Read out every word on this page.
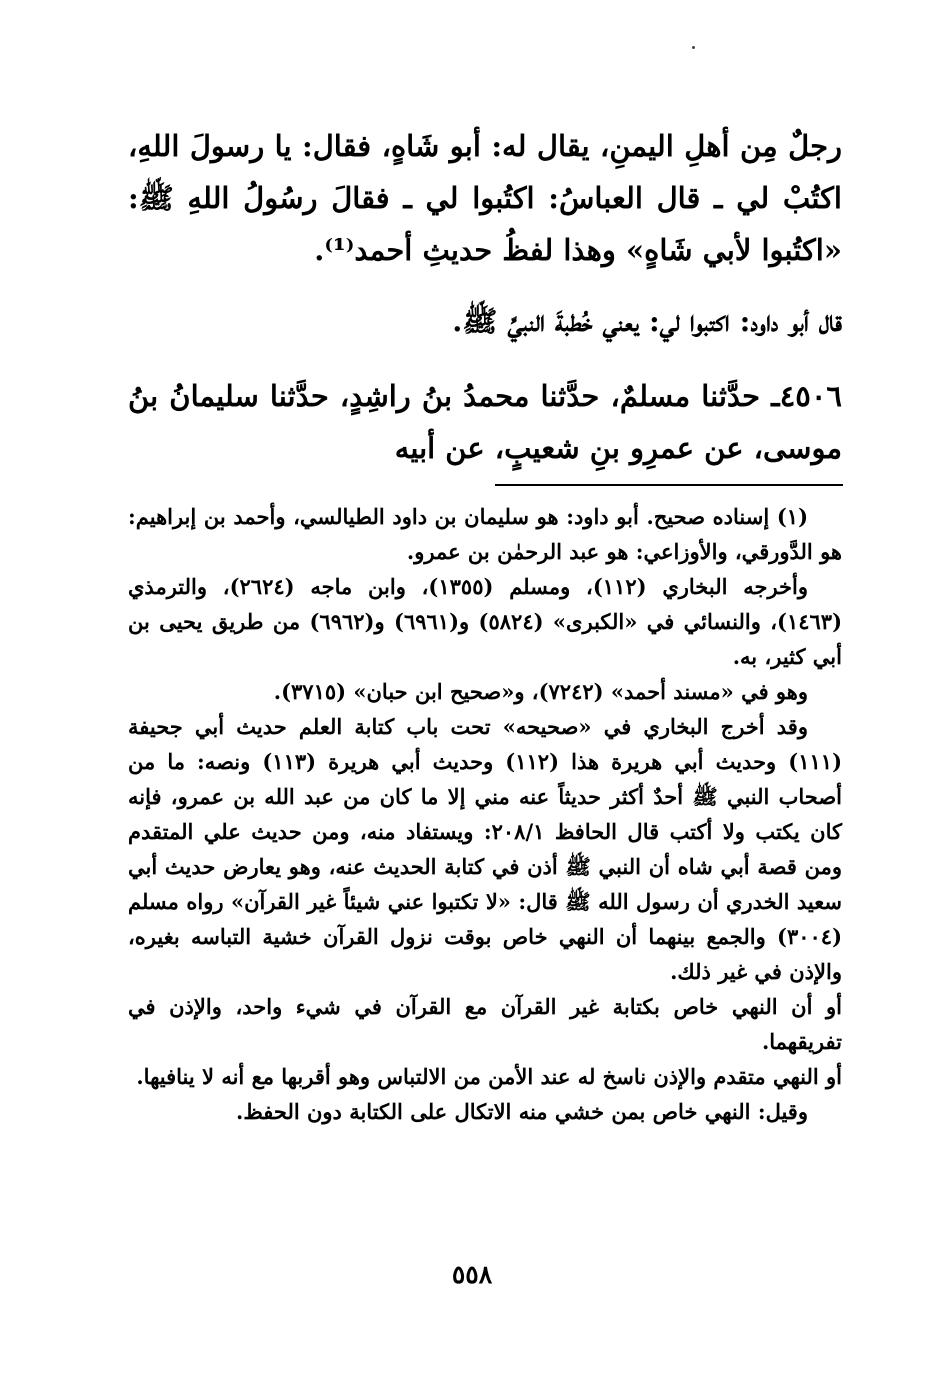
رجلٌ مِن أهلِ اليمنِ، يقال له: أبو شَاهٍ، فقال: يا رسولَ اللهِ، اكتُبْ لي ـ قال العباسُ: اكتُبوا لي ـ فقالَ رسُولُ اللهِ ﷺ: «اكتُبوا لأبي شَاهٍ» وهذا لفظُ حديثِ أحمد⁽¹⁾.

قال أبو داود: اكتبوا لي: يعني خُطبةَ النبيِّ ﷺ.

٤٥٠٦ـ حدَّثنا مسلمٌ، حدَّثنا محمدُ بنُ راشِدٍ، حدَّثنا سليمانُ بنُ موسى، عن عمرِو بنِ شعيبٍ، عن أبيه

(١) إسناده صحيح. أبو داود: هو سليمان بن داود الطيالسي، وأحمد بن إبراهيم: هو الدَّورقي، والأوزاعي: هو عبد الرحمٰن بن عمرو.

وأخرجه البخاري (١١٢)، ومسلم (١٣٥٥)، وابن ماجه (٢٦٢٤)، والترمذي (١٤٦٣)، والنسائي في «الكبرى» (٥٨٢٤) و(٦٩٦١) و(٦٩٦٢) من طريق يحيى بن أبي كثير، به.

وهو في «مسند أحمد» (٧٢٤٢)، و«صحيح ابن حبان» (٣٧١٥).

وقد أخرج البخاري في «صحيحه» تحت باب كتابة العلم حديث أبي جحيفة (١١١) وحديث أبي هريرة هذا (١١٢) وحديث أبي هريرة (١١٣) ونصه: ما من أصحاب النبي ﷺ أحدٌ أكثر حديثاً عنه مني إلا ما كان من عبد الله بن عمرو، فإنه كان يكتب ولا أكتب قال الحافظ ٢٠٨/١: ويستفاد منه، ومن حديث علي المتقدم ومن قصة أبي شاه أن النبي ﷺ أذن في كتابة الحديث عنه، وهو يعارض حديث أبي سعيد الخدري أن رسول الله ﷺ قال: «لا تكتبوا عني شيئاً غير القرآن» رواه مسلم (٣٠٠٤) والجمع بينهما أن النهي خاص بوقت نزول القرآن خشية التباسه بغيره، والإذن في غير ذلك.

أو أن النهي خاص بكتابة غير القرآن مع القرآن في شيء واحد، والإذن في تفريقهما.

أو النهي متقدم والإذن ناسخ له عند الأمن من الالتباس وهو أقربها مع أنه لا ينافيها.

وقيل: النهي خاص بمن خشي منه الاتكال على الكتابة دون الحفظ.

٥٥٨
